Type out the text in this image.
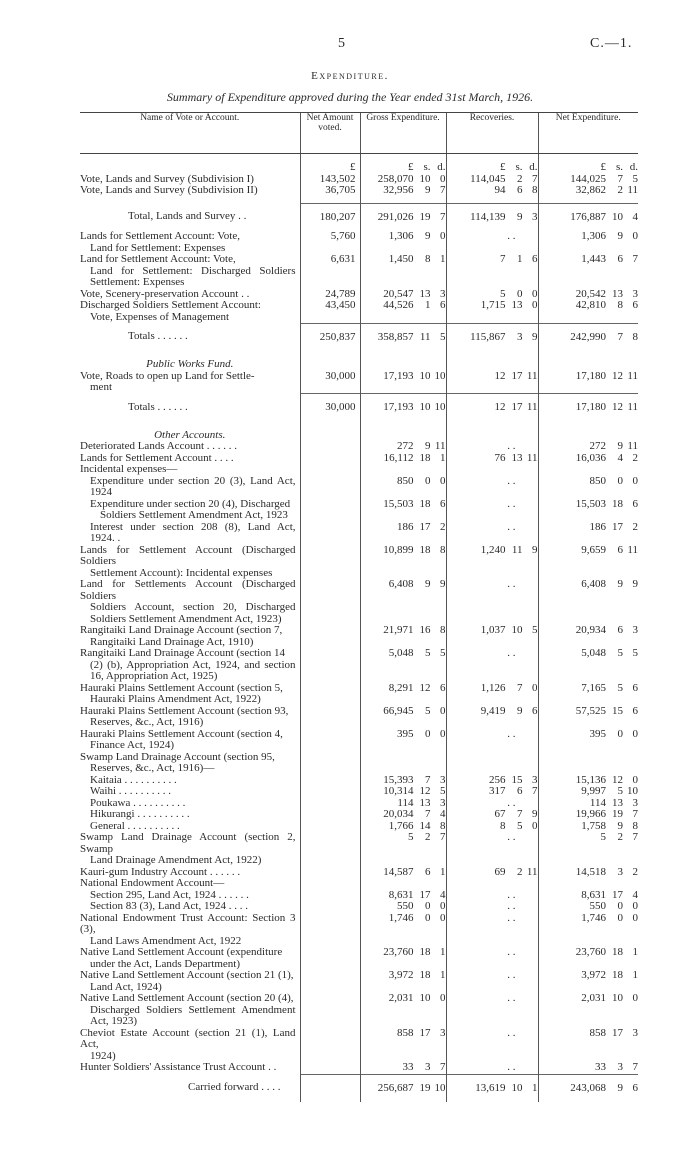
5	C.—1.
Expenditure.
Summary of Expenditure approved during the Year ended 31st March, 1926.
Name of Vote or Account.	Net Amount voted.	Gross Expenditure.	Recoveries.	Net Expenditure.
	£	£ s. d.	£ s. d.	£ s. d.
Vote, Lands and Survey (Subdivision I)	143,502	258,070 10 0	114,045 2 7	144,025 7 5
Vote, Lands and Survey (Subdivision II)	36,705	32,956 9 7	94 6 8	32,862 2 11

Total, Lands and Survey . .	180,207	291,026 19 7	114,139 9 3	176,887 10 4
Lands for Settlement Account: Vote,
Land for Settlement: Expenses	5,760	1,306 9 0	. .	1,306 9 0
Land for Settlement Account: Vote,
Land for Settlement: Discharged Soldiers Settlement: Expenses	6,631	1,450 8 1	7 1 6	1,443 6 7
Vote, Scenery-preservation Account . .	24,789	20,547 13 3	5 0 0	20,542 13 3
Discharged Soldiers Settlement Account:
Vote, Expenses of Management	43,450	44,526 1 6	1,715 13 0	42,810 8 6
Totals . . . . . .	250,837	358,857 11 5	115,867 3 9	242,990 7 8
Public Works Fund.				
Vote, Roads to open up Land for Settle-
ment	30,000	17,193 10 10	12 17 11	17,180 12 11
Totals . . . . . .	30,000	17,193 10 10	12 17 11	17,180 12 11
Other Accounts.				
Deteriorated Lands Account . . . . . .		272 9 11	. .	272 9 11
Lands for Settlement Account . . . .		16,112 18 1	76 13 11	16,036 4 2
Incidental expenses—				
Expenditure under section 20 (3), Land Act, 1924		850 0 0	. .	850 0 0
Expenditure under section 20 (4), Discharged
Soldiers Settlement Amendment Act, 1923		15,503 18 6	. .	15,503 18 6
Interest under section 208 (8), Land Act, 1924. .		186 17 2	. .	186 17 2
Lands for Settlement Account (Discharged Soldiers
Settlement Account): Incidental expenses		10,899 18 8	1,240 11 9	9,659 6 11
Land for Settlements Account (Discharged Soldiers
Soldiers Account, section 20, Discharged Soldiers Settlement Amendment Act, 1923)		6,408 9 9	. .	6,408 9 9
Rangitaiki Land Drainage Account (section 7,
Rangitaiki Land Drainage Act, 1910)		21,971 16 8	1,037 10 5	20,934 6 3
Rangitaiki Land Drainage Account (section 14
(2) (b), Appropriation Act, 1924, and section 16, Appropriation Act, 1925)		5,048 5 5	. .	5,048 5 5
Hauraki Plains Settlement Account (section 5,
Hauraki Plains Amendment Act, 1922)		8,291 12 6	1,126 7 0	7,165 5 6
Hauraki Plains Settlement Account (section 93,
Reserves, &c., Act, 1916)		66,945 5 0	9,419 9 6	57,525 15 6
Hauraki Plains Settlement Account (section 4,
Finance Act, 1924)		395 0 0	. .	395 0 0
Swamp Land Drainage Account (section 95,
Reserves, &c., Act, 1916)—				

Kaitaia . . . . . . . . . .		15,393 7 3	256 15 3	15,136 12 0
Waihi . . . . . . . . . .		10,314 12 5	317 6 7	9,997 5 10
Poukawa . . . . . . . . . .		114 13 3	. .	114 13 3
Hikurangi . . . . . . . . . .		20,034 7 4	67 7 9	19,966 19 7
General . . . . . . . . . .		1,766 14 8	8 5 0	1,758 9 8
Swamp Land Drainage Account (section 2, Swamp
Land Drainage Amendment Act, 1922)		5 2 7	. .	5 2 7
Kauri-gum Industry Account . . . . . .		14,587 6 1	69 2 11	14,518 3 2
National Endowment Account—				
Section 295, Land Act, 1924 . . . . . .		8,631 17 4	. .	8,631 17 4
Section 83 (3), Land Act, 1924 . . . .		550 0 0	. .	550 0 0
National Endowment Trust Account: Section 3 (3),
Land Laws Amendment Act, 1922		1,746 0 0	. .	1,746 0 0
Native Land Settlement Account (expenditure
under the Act, Lands Department)		23,760 18 1	. .	23,760 18 1
Native Land Settlement Account (section 21 (1),
Land Act, 1924)		3,972 18 1	. .	3,972 18 1
Native Land Settlement Account (section 20 (4),
Discharged Soldiers Settlement Amendment Act, 1923)		2,031 10 0	. .	2,031 10 0
Cheviot Estate Account (section 21 (1), Land Act,
1924)		858 17 3	. .	858 17 3
Hunter Soldiers' Assistance Trust Account . .		33 3 7	. .	33 3 7
Carried forward . . . .		256,687 19 10	13,619 10 1	243,068 9 6
